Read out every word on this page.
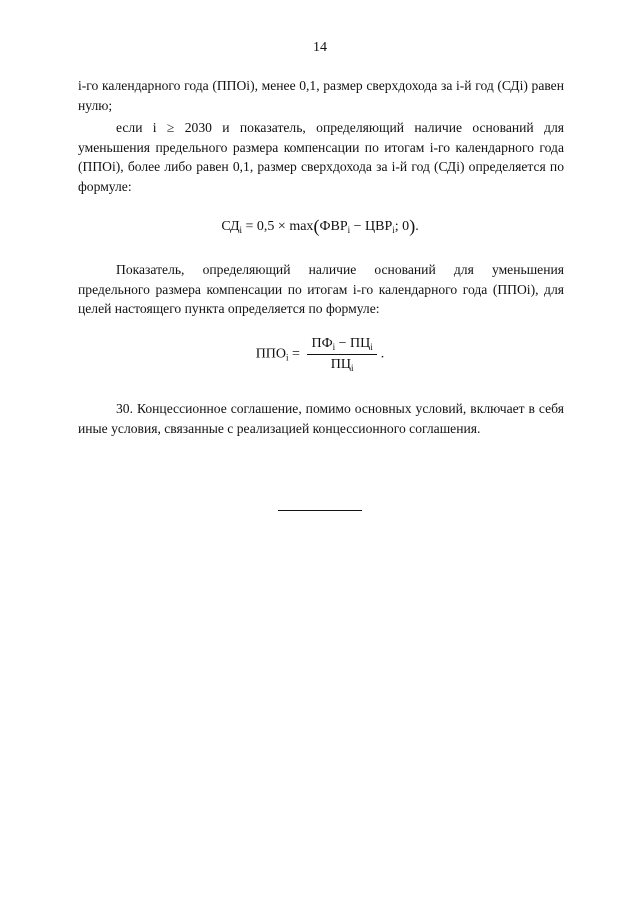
14
i-го календарного года (ППОi), менее 0,1, размер сверхдохода за i-й год (СДi) равен нулю;
если i ≥ 2030 и показатель, определяющий наличие оснований для уменьшения предельного размера компенсации по итогам i-го календарного года (ППОi), более либо равен 0,1, размер сверхдохода за i-й год (СДi) определяется по формуле:
$СД_i = 0,5 \times \max(ФВР_i - ЦВР_i$; 0).
Показатель, определяющий наличие оснований для уменьшения предельного размера компенсации по итогам i-го календарного года (ППОi), для целей настоящего пункта определяется по формуле:
$ППО_i = \frac{ПФ_i - ПЦ_i}{ПЦ_i}$ .
30. Концессионное соглашение, помимо основных условий, включает в себя иные условия, связанные с реализацией концессионного соглашения.
